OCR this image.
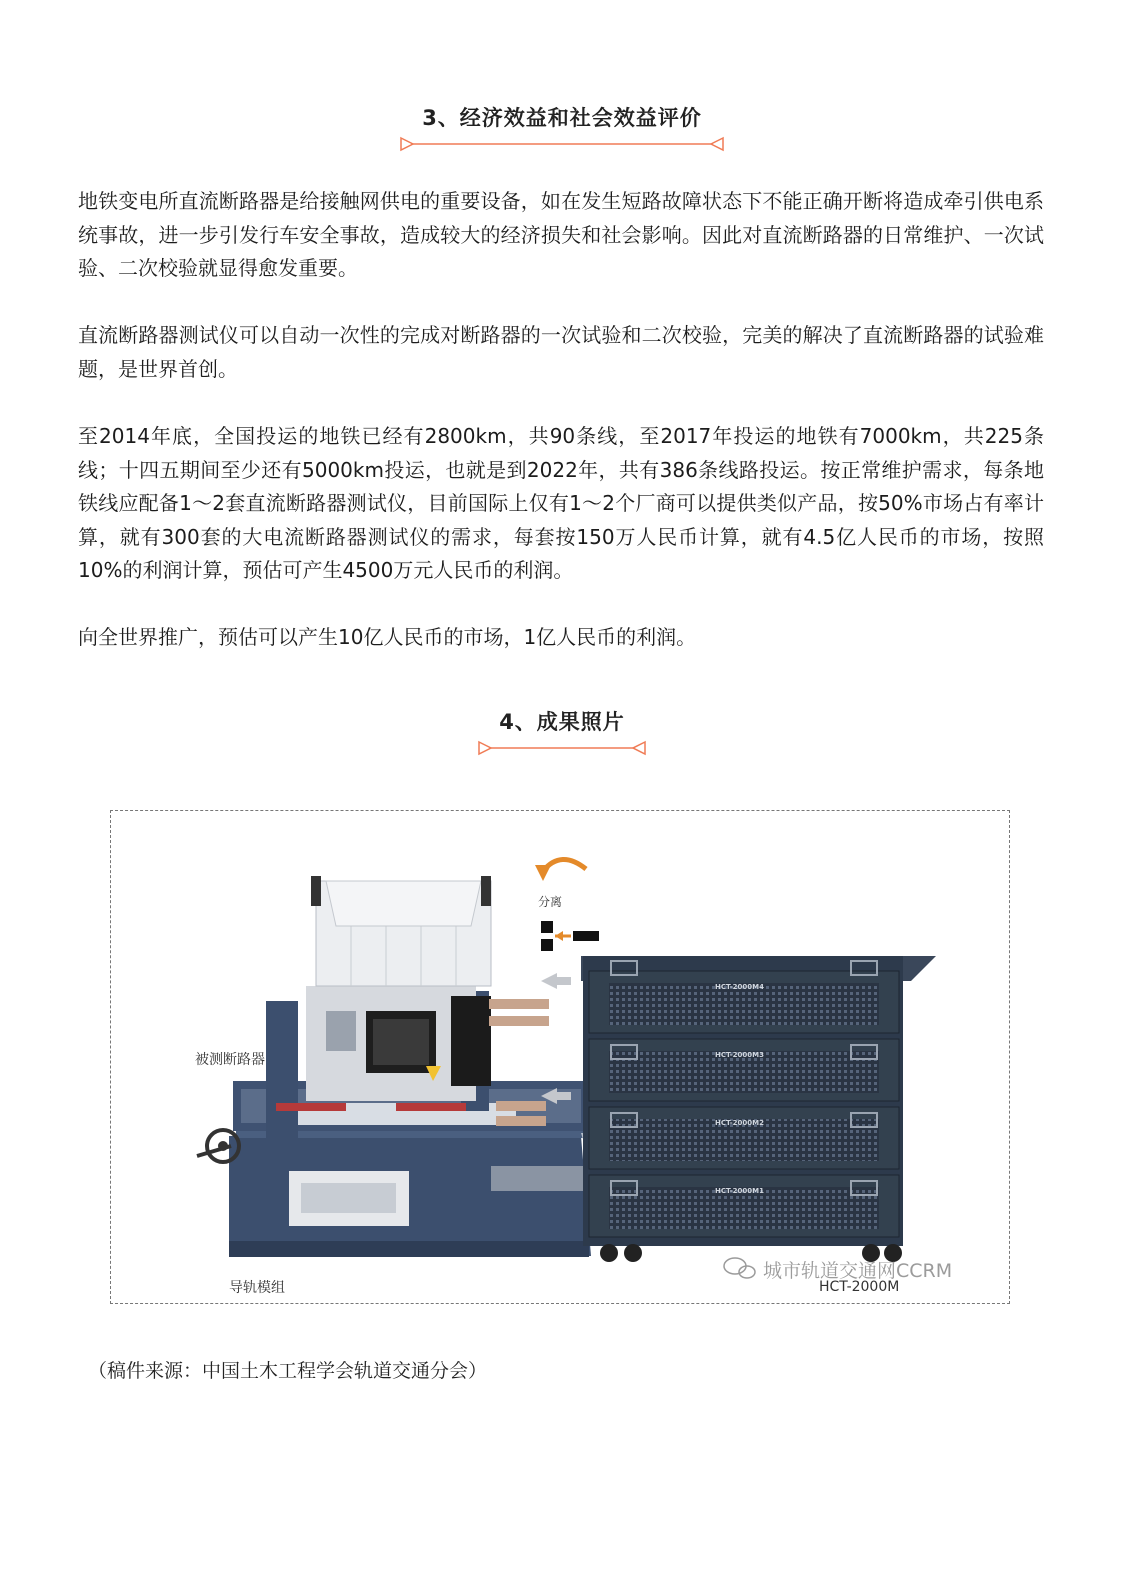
3、经济效益和社会效益评价

地铁变电所直流断路器是给接触网供电的重要设备，如在发生短路故障状态下不能正确开断将造成牵引供电系统事故，进一步引发行车安全事故，造成较大的经济损失和社会影响。因此对直流断路器的日常维护、一次试验、二次校验就显得愈发重要。

直流断路器测试仪可以自动一次性的完成对断路器的一次试验和二次校验，完美的解决了直流断路器的试验难题，是世界首创。

至2014年底，全国投运的地铁已经有2800km，共90条线，至2017年投运的地铁有7000km，共225条线；十四五期间至少还有5000km投运，也就是到2022年，共有386条线路投运。按正常维护需求，每条地铁线应配备1～2套直流断路器测试仪，目前国际上仅有1～2个厂商可以提供类似产品，按50%市场占有率计算，就有300套的大电流断路器测试仪的需求，每套按150万人民币计算，就有4.5亿人民币的市场，按照10%的利润计算，预估可产生4500万元人民币的利润。

向全世界推广，预估可以产生10亿人民币的市场，1亿人民币的利润。

4、成果照片
被测断路器
导轨模组
分离
HCT-2000M4
HCT-2000M3
HCT-2000M2
HCT-2000M1
城市轨道交通网CCRM
HCT-2000M
（稿件来源：中国土木工程学会轨道交通分会）
